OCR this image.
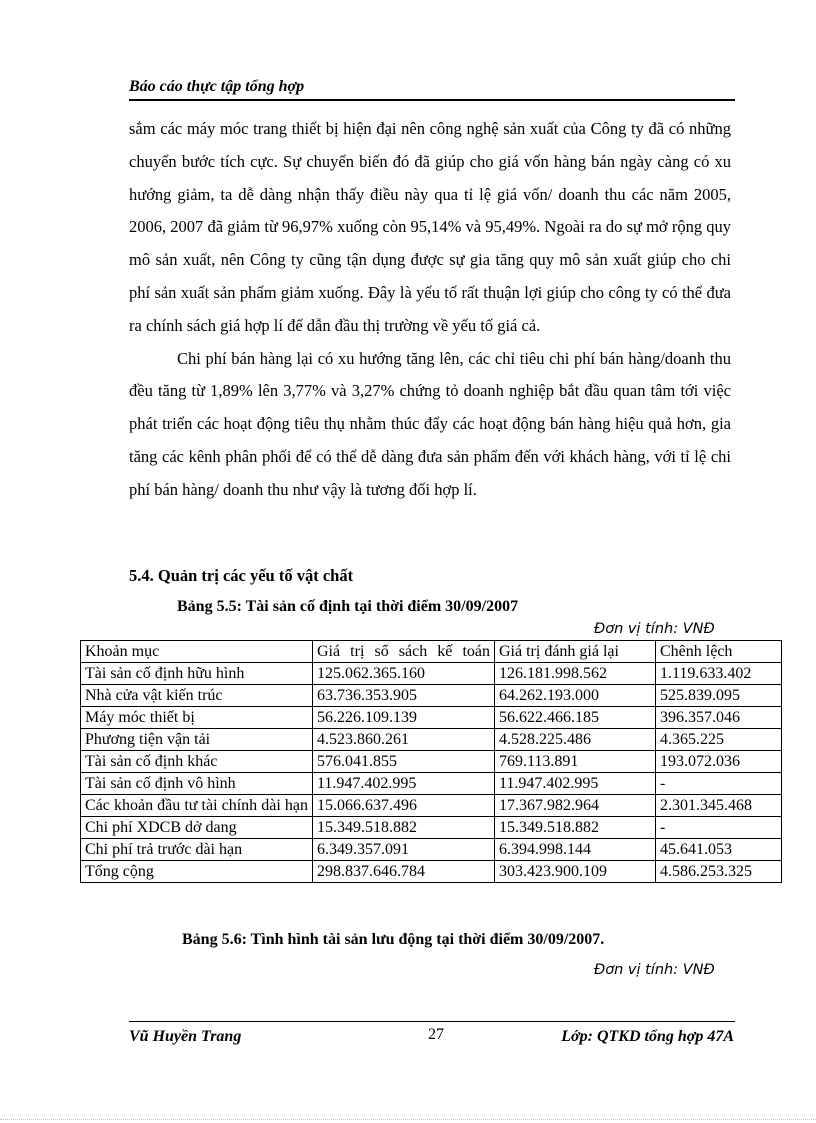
Báo cáo thực tập tổng hợp

sắm các máy móc trang thiết bị hiện đại nên công nghệ sản xuất của Công ty đã có những chuyển bước tích cực. Sự chuyển biến đó đã giúp cho giá vốn hàng bán ngày càng có xu hướng giảm, ta dễ dàng nhận thấy điều này qua tỉ lệ giá vốn/ doanh thu các năm 2005, 2006, 2007 đã giảm từ 96,97% xuống còn 95,14% và 95,49%. Ngoài ra do sự mở rộng quy mô sản xuất, nên Công ty cũng tận dụng được sự gia tăng quy mô sản xuất giúp cho chi phí sản xuất sản phẩm giảm xuống. Đây là yếu tố rất thuận lợi giúp cho công ty có thể đưa ra chính sách giá hợp lí để dẫn đầu thị trường về yếu tố giá cả.

Chi phí bán hàng lại có xu hướng tăng lên, các chỉ tiêu chi phí bán hàng/doanh thu đều tăng từ 1,89% lên 3,77% và 3,27% chứng tỏ doanh nghiệp bắt đầu quan tâm tới việc phát triển các hoạt động tiêu thụ nhằm thúc đẩy các hoạt động bán hàng hiệu quả hơn, gia tăng các kênh phân phối để có thể dễ dàng đưa sản phẩm đến với khách hàng, với tỉ lệ chi phí bán hàng/ doanh thu như vậy là tương đối hợp lí.

5.4. Quản trị các yếu tố vật chất
Bảng 5.5: Tài sản cố định tại thời điểm 30/09/2007
Đơn vị tính: VNĐ
Khoản mục	Giá trị sổ sách kế toán	Giá trị đánh giá lại	Chênh lệch
Tài sản cố định hữu hình	125.062.365.160	126.181.998.562	1.119.633.402
Nhà cửa vật kiến trúc	63.736.353.905	64.262.193.000	525.839.095
Máy móc thiết bị	56.226.109.139	56.622.466.185	396.357.046
Phương tiện vận tải	4.523.860.261	4.528.225.486	4.365.225
Tài sản cố định khác	576.041.855	769.113.891	193.072.036
Tài sản cố định vô hình	11.947.402.995	11.947.402.995	-
Các khoản đầu tư tài chính dài hạn	15.066.637.496	17.367.982.964	2.301.345.468
Chi phí XDCB dở dang	15.349.518.882	15.349.518.882	-
Chi phí trả trước dài hạn	6.349.357.091	6.394.998.144	45.641.053
Tổng cộng	298.837.646.784	303.423.900.109	4.586.253.325
Bảng 5.6: Tình hình tài sản lưu động tại thời điểm 30/09/2007.
Đơn vị tính: VNĐ
Vũ Huyền Trang	27	Lớp: QTKD tổng hợp 47A
